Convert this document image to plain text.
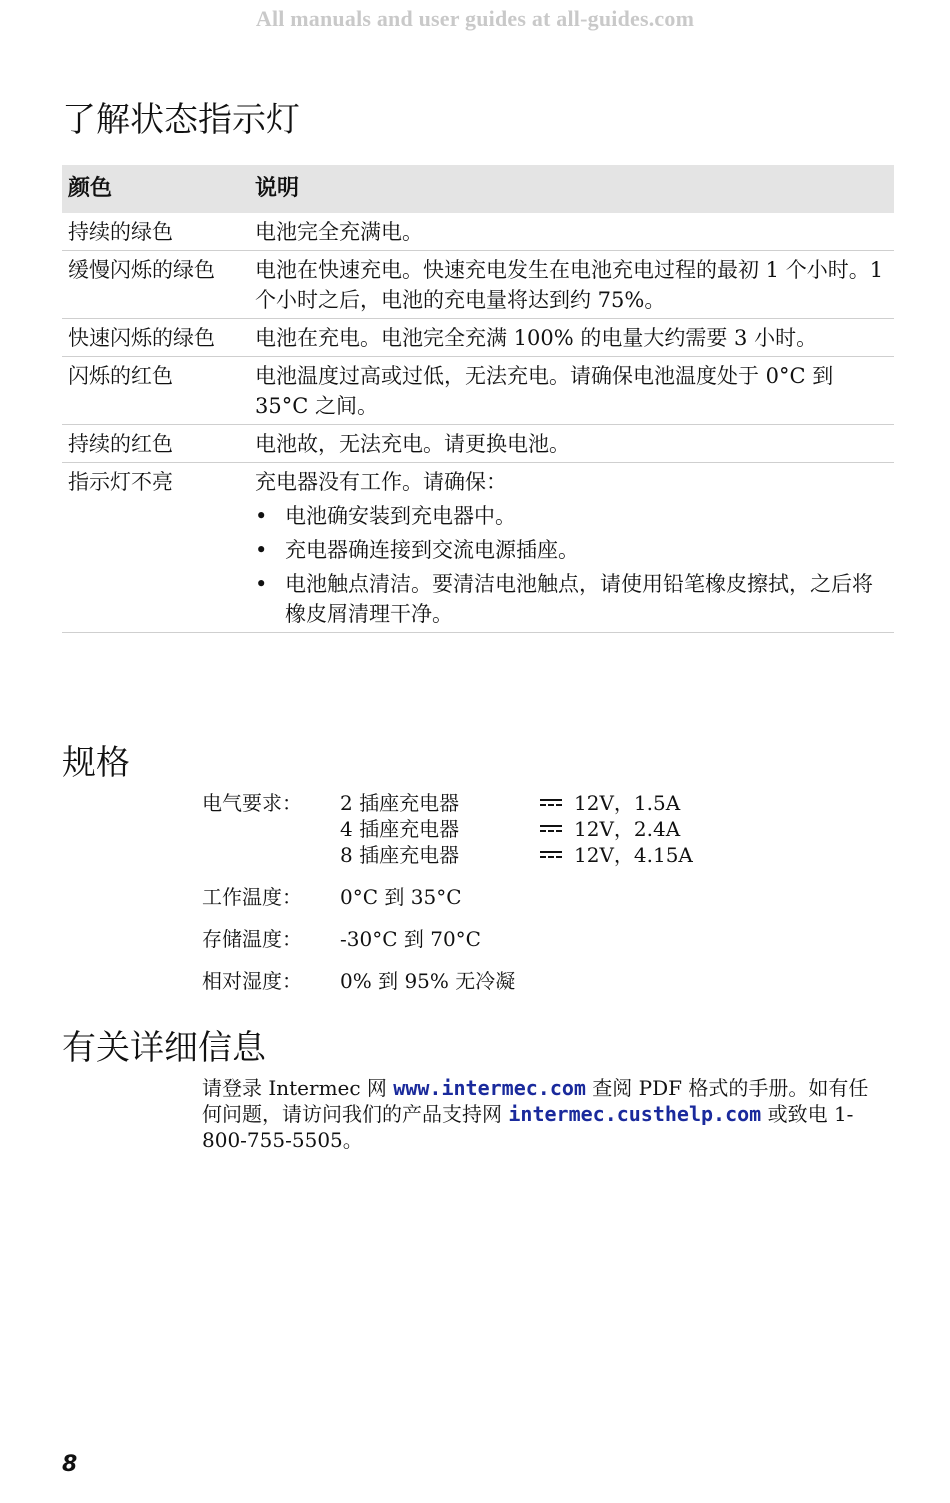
All manuals and user guides at all-guides.com
了解状态指示灯
颜色	说明
持续的绿色	电池完全充满电。
缓慢闪烁的绿色	电池在快速充电。快速充电发生在电池充电过程的最初 1 个小时。1 个小时之后，电池的充电量将达到约 75%。
快速闪烁的绿色	电池在充电。电池完全充满 100% 的电量大约需要 3 小时。
闪烁的红色	电池温度过高或过低，无法充电。请确保电池温度处于 0°C 到 35°C 之间。
持续的红色	电池故，无法充电。请更换电池。
指示灯不亮	充电器没有工作。请确保：
• 电池确安装到充电器中。
• 充电器确连接到交流电源插座。
• 电池触点清洁。要清洁电池触点，请使用铅笔橡皮擦拭，之后将橡皮屑清理干净。
规格
电气要求：	2 插座充电器	12V，1.5A
4 插座充电器	12V，2.4A
8 插座充电器	12V，4.15A
工作温度：	0°C 到 35°C
存储温度：	-30°C 到 70°C
相对湿度：	0% 到 95% 无冷凝
有关详细信息
请登录 Intermec 网 www.intermec.com 查阅 PDF 格式的手册。如有任何问题，请访问我们的产品支持网 intermec.custhelp.com 或致电 1-800-755-5505。
8
